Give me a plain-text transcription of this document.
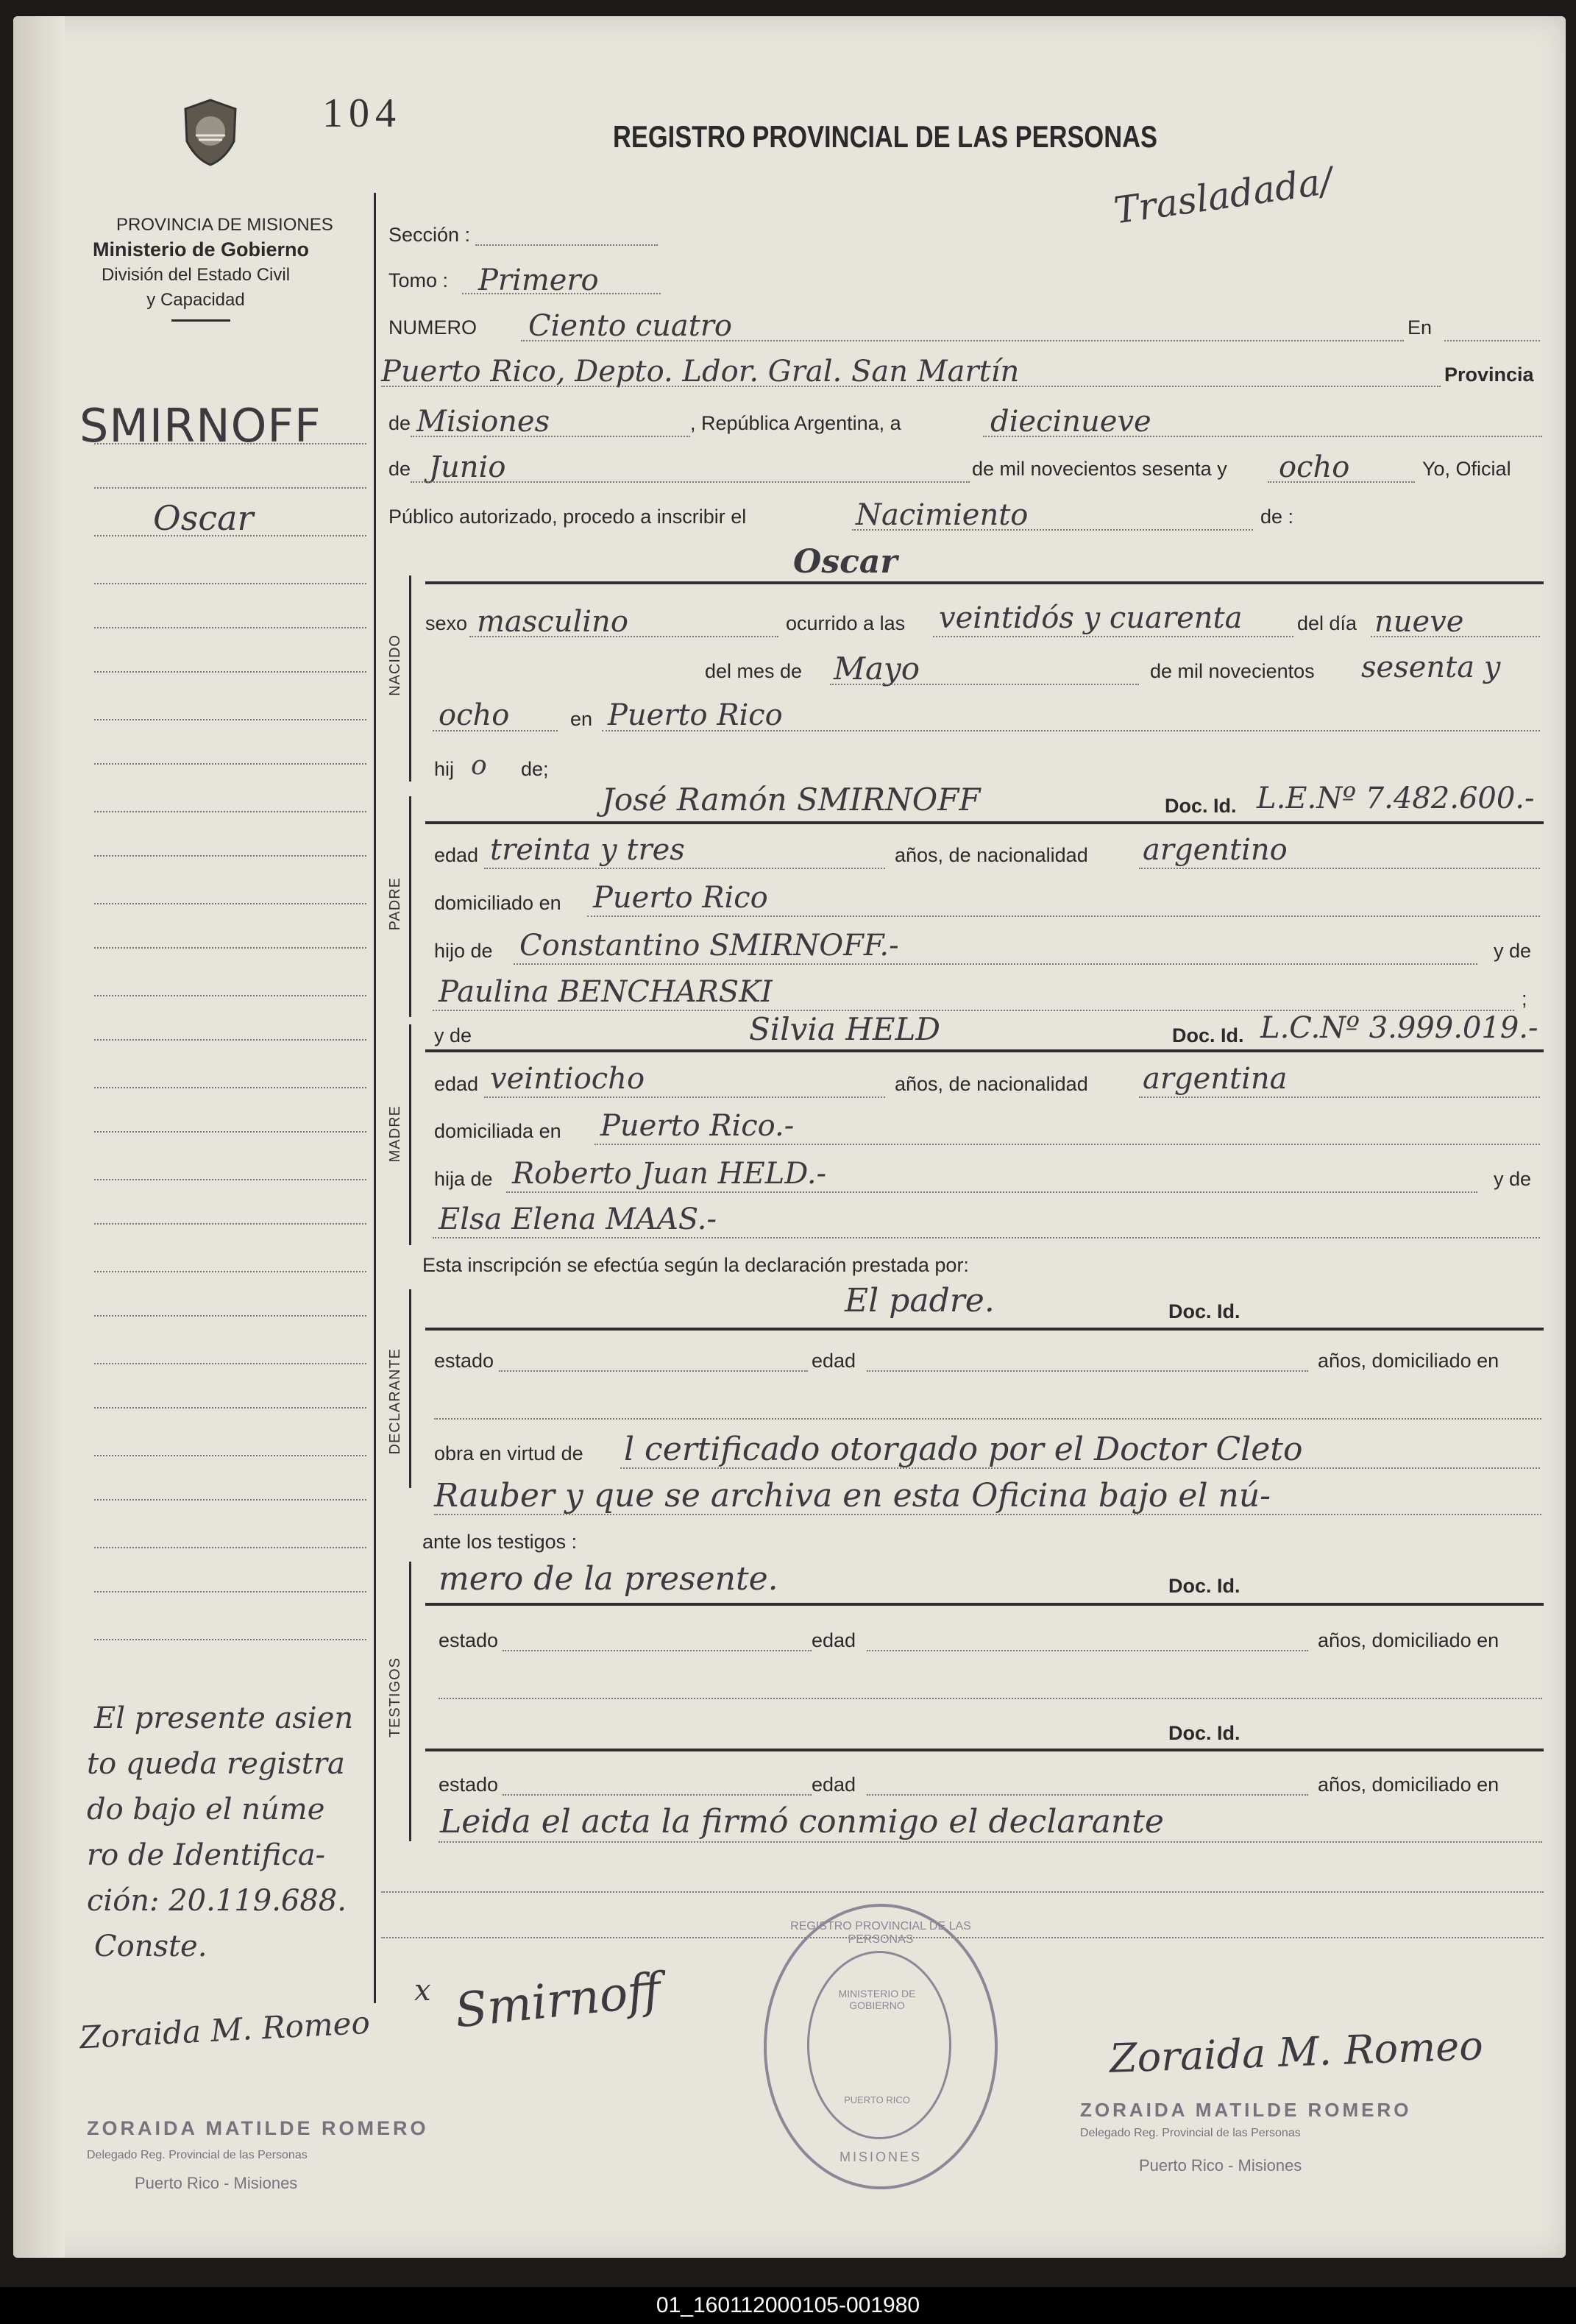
104
REGISTRO PROVINCIAL DE LAS PERSONAS
Trasladada/
PROVINCIA DE MISIONES
Ministerio de Gobierno
División del Estado Civil
y Capacidad
SMIRNOFF
Oscar
El presente asien
to queda registra
do bajo el núme
ro de Identifica-
ción: 20.119.688.
Conste.
Zoraida M. Romeo
ZORAIDA MATILDE ROMERO
Delegado Reg. Provincial de las Personas
Puerto Rico - Misiones
Sección :
Tomo : Primero
NUMERO Ciento cuatro	En
Puerto Rico, Depto. Ldor. Gral. San Martín	Provincia
de Misiones	, República Argentina, a	diecinueve
de Junio	de mil novecientos sesenta y ocho	Yo, Oficial
Público autorizado, procedo a inscribir el	Nacimiento	de :
NACIDO
Oscar
sexo masculino	ocurrido a las veintidós y cuarenta	del día nueve
del mes de Mayo	de mil novecientos sesenta y
ocho	en Puerto Rico
hij o de;
PADRE
José Ramón SMIRNOFF	Doc. Id. L.E.Nº 7.482.600.-
edad treinta y tres	años, de nacionalidad argentino
domiciliado en Puerto Rico
hijo de Constantino SMIRNOFF.-	y de
Paulina BENCHARSKI	;
MADRE
y de	Silvia HELD	Doc. Id. L.C.Nº 3.999.019.-
edad veintiocho	años, de nacionalidad argentina
domiciliada en Puerto Rico.-
hija de Roberto Juan HELD.-	y de
Elsa Elena MAAS.-
Esta inscripción se efectúa según la declaración prestada por:
DECLARANTE
El padre.	Doc. Id.
estado	edad	años, domiciliado en
obra en virtud de l certificado otorgado por el Doctor Cleto
Rauber y que se archiva en esta Oficina bajo el nú-
ante los testigos :
TESTIGOS
mero de la presente.	Doc. Id.
estado	edad	años, domiciliado en
Doc. Id.
estado	edad	años, domiciliado en
Leida el acta la firmó conmigo el declarante
x Smirnoff
Zoraida M. Romeo
REGISTRO PROVINCIAL DE LAS PERSONAS
MINISTERIO DE GOBIERNO
PUERTO RICO
MISIONES
ZORAIDA MATILDE ROMERO
Delegado Reg. Provincial de las Personas
Puerto Rico - Misiones
01_160112000105-001980
